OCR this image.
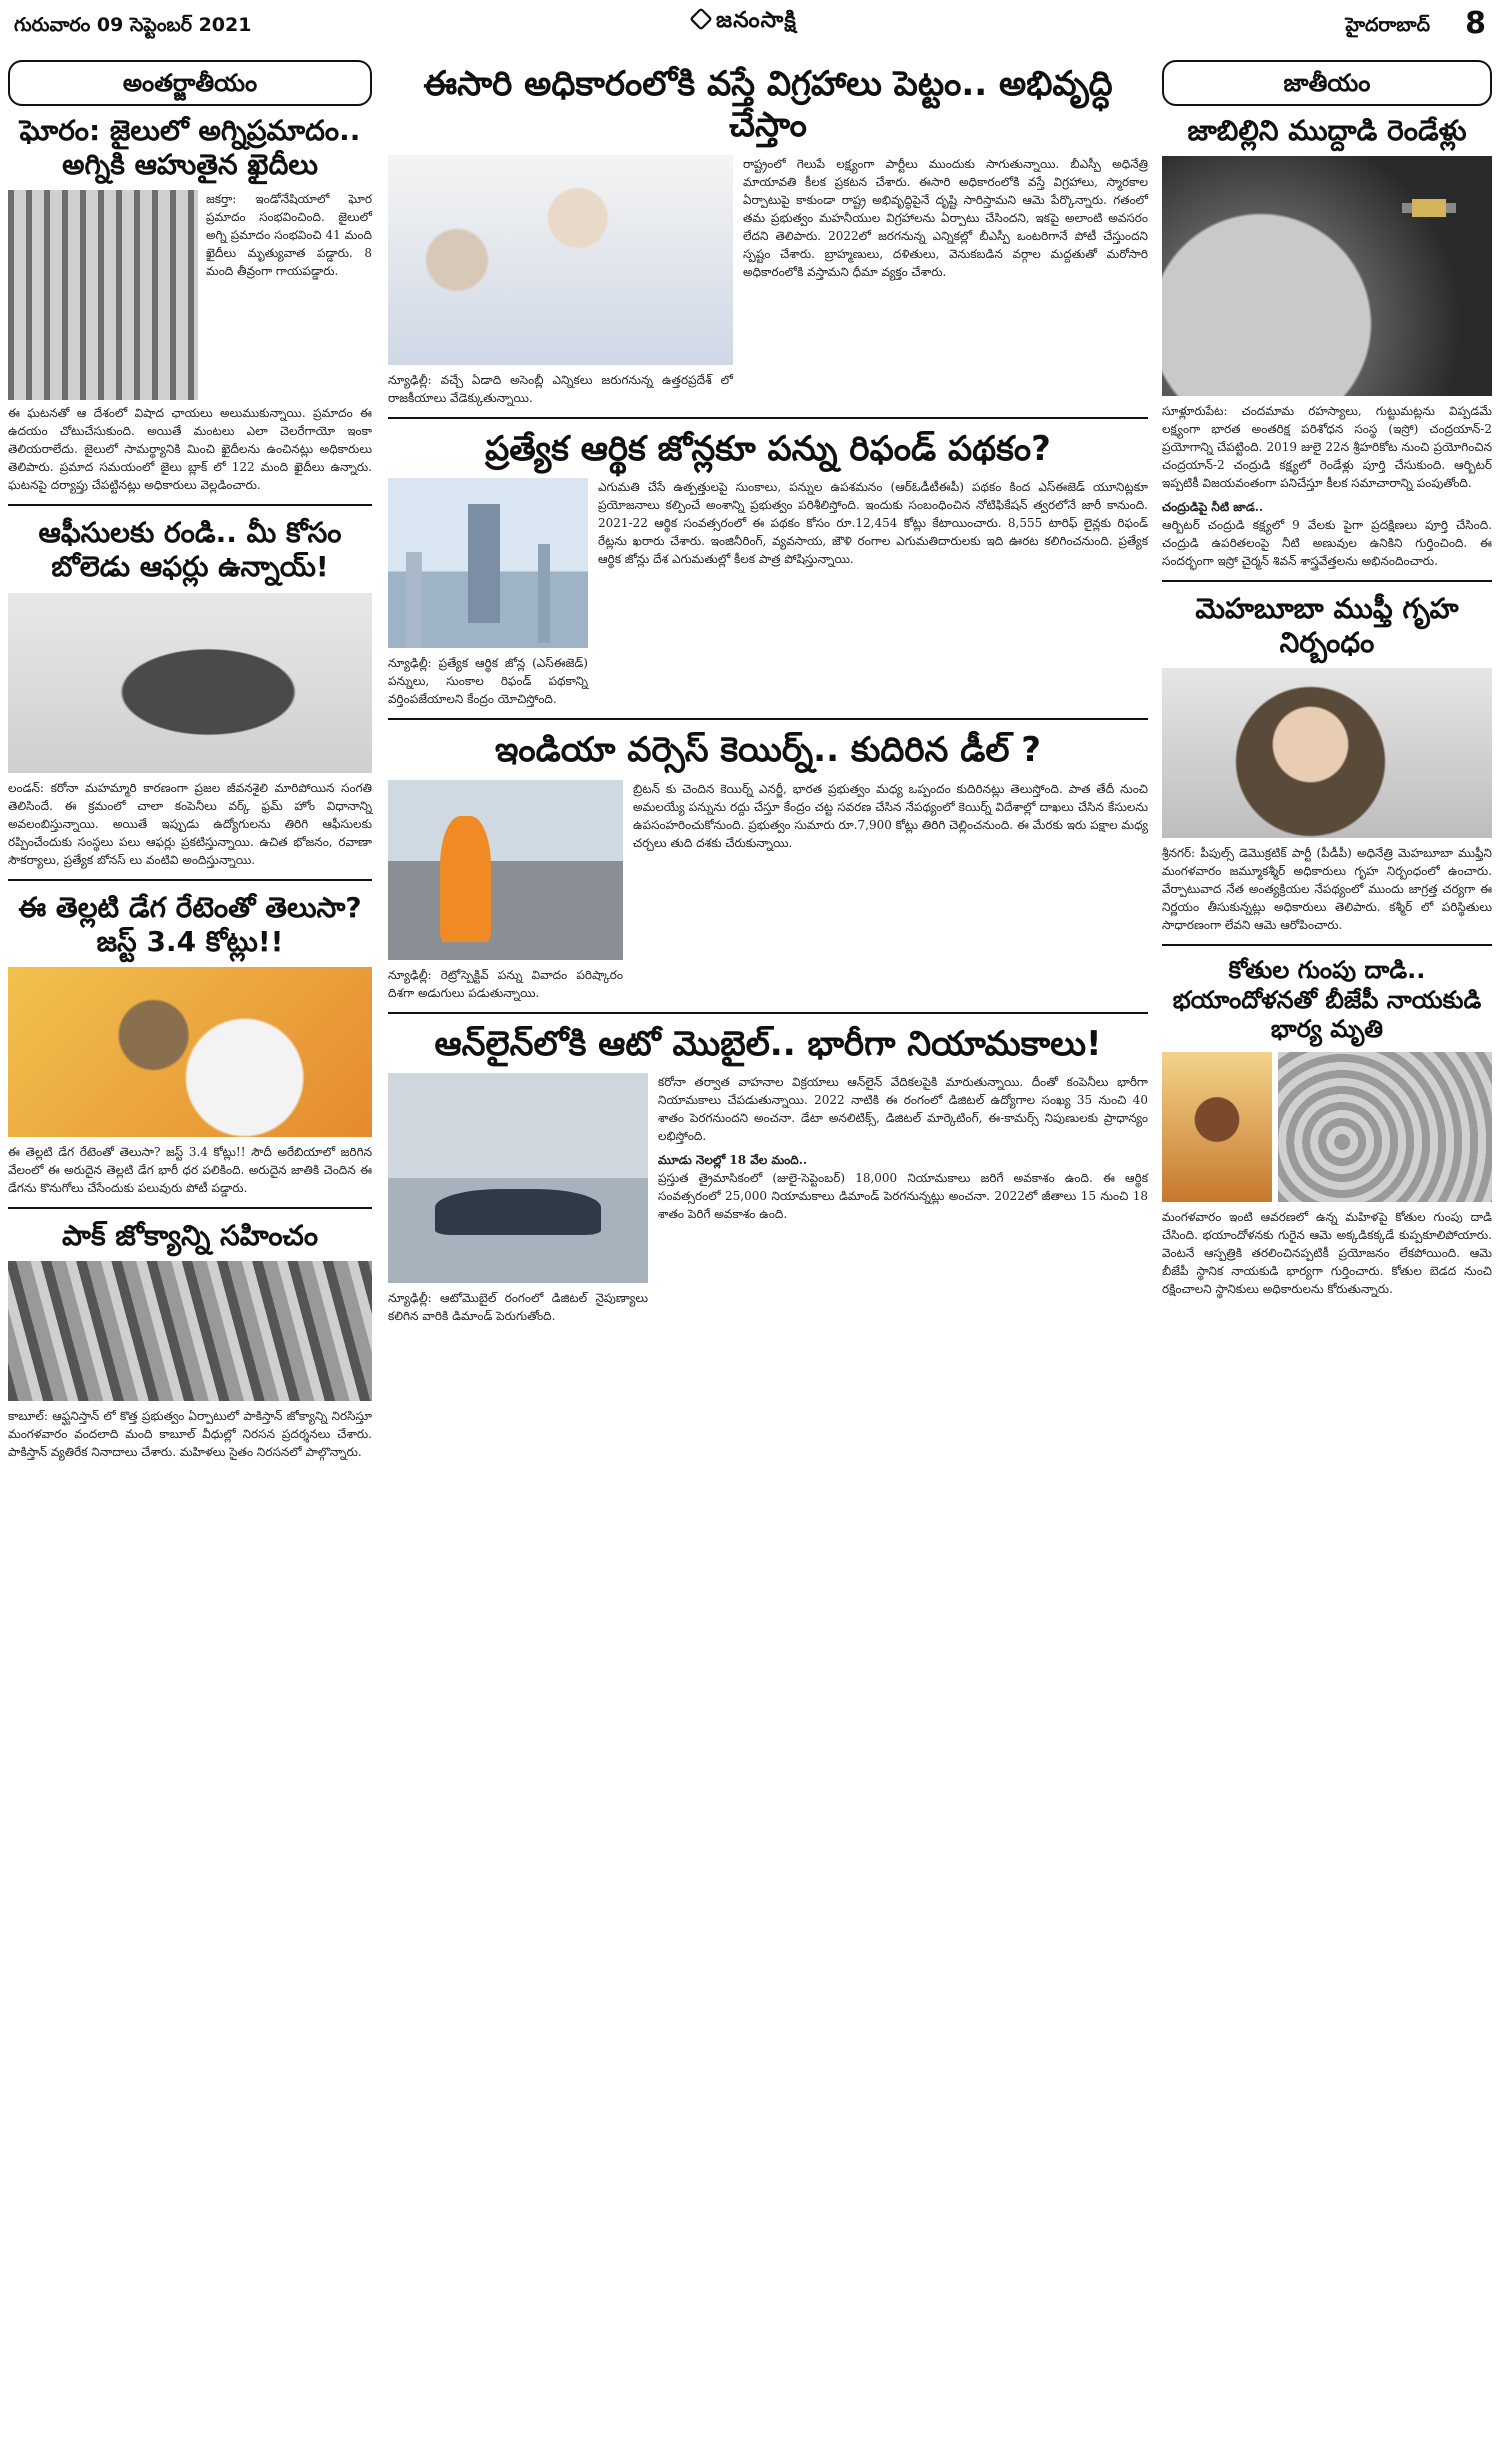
గురువారం 09 సెప్టెంబర్ 2021	జనంసాక్షి	హైదరాబాద్ 8
అంతర్జాతీయం
ఘోరం: జైలులో అగ్నిప్రమాదం.. అగ్నికి ఆహుతైన ఖైదీలు
జకర్తా: ఇండోనేషియాలో ఘోర ప్రమాదం సంభవించింది. జైలులో అగ్ని ప్రమాదం సంభవించి 41 మంది ఖైదీలు మృత్యువాత పడ్డారు. 8 మంది తీవ్రంగా గాయపడ్డారు.
ఈ ఘటనతో ఆ దేశంలో విషాద ఛాయలు అలుముకున్నాయి. ప్రమాదం ఈ ఉదయం చోటుచేసుకుంది. అయితే మంటలు ఎలా చెలరేగాయో ఇంకా తెలియరాలేదు. జైలులో సామర్థ్యానికి మించి ఖైదీలను ఉంచినట్లు అధికారులు తెలిపారు. ప్రమాద సమయంలో జైలు బ్లాక్ లో 122 మంది ఖైదీలు ఉన్నారు. ఘటనపై దర్యాప్తు చేపట్టినట్లు అధికారులు వెల్లడించారు.
ఆఫీసులకు రండి.. మీ కోసం బోలెడు ఆఫర్లు ఉన్నాయ్!
లండన్: కరోనా మహమ్మారి కారణంగా ప్రజల జీవనశైలి మారిపోయిన సంగతి తెలిసిందే. ఈ క్రమంలో చాలా కంపెనీలు వర్క్ ఫ్రమ్ హోం విధానాన్ని అవలంబిస్తున్నాయి. అయితే ఇప్పుడు ఉద్యోగులను తిరిగి ఆఫీసులకు రప్పించేందుకు సంస్థలు పలు ఆఫర్లు ప్రకటిస్తున్నాయి. ఉచిత భోజనం, రవాణా సౌకర్యాలు, ప్రత్యేక బోనస్ లు వంటివి అందిస్తున్నాయి.
ఈ తెల్లటి డేగ రేటెంతో తెలుసా? జస్ట్ 3.4 కోట్లు!!
ఈ తెల్లటి డేగ రేటెంతో తెలుసా? జస్ట్ 3.4 కోట్లు!! సౌదీ అరేబియాలో జరిగిన వేలంలో ఈ అరుదైన తెల్లటి డేగ భారీ ధర పలికింది. అరుదైన జాతికి చెందిన ఈ డేగను కొనుగోలు చేసేందుకు పలువురు పోటీ పడ్డారు.
పాక్ జోక్యాన్ని సహించం
కాబూల్: ఆఫ్ఘనిస్తాన్ లో కొత్త ప్రభుత్వం ఏర్పాటులో పాకిస్తాన్ జోక్యాన్ని నిరసిస్తూ మంగళవారం వందలాది మంది కాబూల్ వీధుల్లో నిరసన ప్రదర్శనలు చేశారు. పాకిస్తాన్ వ్యతిరేక నినాదాలు చేశారు. మహిళలు సైతం నిరసనలో పాల్గొన్నారు.
ఈసారి అధికారంలోకి వస్తే విగ్రహాలు పెట్టం.. అభివృద్ధి చేస్తాం
న్యూఢిల్లీ: వచ్చే ఏడాది అసెంబ్లీ ఎన్నికలు జరుగనున్న ఉత్తరప్రదేశ్ లో రాజకీయాలు వేడెక్కుతున్నాయి.
రాష్ట్రంలో గెలుపే లక్ష్యంగా పార్టీలు ముందుకు సాగుతున్నాయి. బీఎస్పీ అధినేత్రి మాయావతి కీలక ప్రకటన చేశారు. ఈసారి అధికారంలోకి వస్తే విగ్రహాలు, స్మారకాల ఏర్పాటుపై కాకుండా రాష్ట్ర అభివృద్ధిపైనే దృష్టి సారిస్తామని ఆమె పేర్కొన్నారు. గతంలో తమ ప్రభుత్వం మహనీయుల విగ్రహాలను ఏర్పాటు చేసిందని, ఇకపై అలాంటి అవసరం లేదని తెలిపారు. 2022లో జరగనున్న ఎన్నికల్లో బీఎస్పీ ఒంటరిగానే పోటీ చేస్తుందని స్పష్టం చేశారు. బ్రాహ్మణులు, దళితులు, వెనుకబడిన వర్గాల మద్దతుతో మరోసారి అధికారంలోకి వస్తామని ధీమా వ్యక్తం చేశారు.
ప్రత్యేక ఆర్థిక జోన్లకూ పన్ను రిఫండ్ పథకం?
న్యూఢిల్లీ: ప్రత్యేక ఆర్థిక జోన్ల (ఎస్ఈజెడ్) పన్నులు, సుంకాల రిఫండ్ పథకాన్ని వర్తింపజేయాలని కేంద్రం యోచిస్తోంది.
ఎగుమతి చేసే ఉత్పత్తులపై సుంకాలు, పన్నుల ఉపశమనం (ఆర్ఓడీటీఈపీ) పథకం కింద ఎస్ఈజెడ్ యూనిట్లకూ ప్రయోజనాలు కల్పించే అంశాన్ని ప్రభుత్వం పరిశీలిస్తోంది. ఇందుకు సంబంధించిన నోటిఫికేషన్ త్వరలోనే జారీ కానుంది. 2021-22 ఆర్థిక సంవత్సరంలో ఈ పథకం కోసం రూ.12,454 కోట్లు కేటాయించారు. 8,555 టారిఫ్ లైన్లకు రిఫండ్ రేట్లను ఖరారు చేశారు. ఇంజినీరింగ్, వ్యవసాయ, జౌళి రంగాల ఎగుమతిదారులకు ఇది ఊరట కలిగించనుంది. ప్రత్యేక ఆర్థిక జోన్లు దేశ ఎగుమతుల్లో కీలక పాత్ర పోషిస్తున్నాయి.
ఇండియా వర్సెస్ కెయిర్న్.. కుదిరిన డీల్ ?
న్యూఢిల్లీ: రెట్రోస్పెక్టివ్ పన్ను వివాదం పరిష్కారం దిశగా అడుగులు పడుతున్నాయి.
బ్రిటన్ కు చెందిన కెయిర్న్ ఎనర్జీ, భారత ప్రభుత్వం మధ్య ఒప్పందం కుదిరినట్లు తెలుస్తోంది. పాత తేదీ నుంచి అమలయ్యే పన్నును రద్దు చేస్తూ కేంద్రం చట్ట సవరణ చేసిన నేపథ్యంలో కెయిర్న్ విదేశాల్లో దాఖలు చేసిన కేసులను ఉపసంహరించుకోనుంది. ప్రభుత్వం సుమారు రూ.7,900 కోట్లు తిరిగి చెల్లించనుంది. ఈ మేరకు ఇరు పక్షాల మధ్య చర్చలు తుది దశకు చేరుకున్నాయి.
ఆన్‌లైన్‌లోకి ఆటో మొబైల్.. భారీగా నియామకాలు!
న్యూఢిల్లీ: ఆటోమొబైల్ రంగంలో డిజిటల్ నైపుణ్యాలు కలిగిన వారికి డిమాండ్ పెరుగుతోంది.
కరోనా తర్వాత వాహనాల విక్రయాలు ఆన్‌లైన్ వేదికలపైకి మారుతున్నాయి. దీంతో కంపెనీలు భారీగా నియామకాలు చేపడుతున్నాయి. 2022 నాటికి ఈ రంగంలో డిజిటల్ ఉద్యోగాల సంఖ్య 35 నుంచి 40 శాతం పెరగనుందని అంచనా. డేటా అనలిటిక్స్, డిజిటల్ మార్కెటింగ్, ఈ-కామర్స్ నిపుణులకు ప్రాధాన్యం లభిస్తోంది.
మూడు నెలల్లో 18 వేల మంది..
ప్రస్తుత త్రైమాసికంలో (జులై-సెప్టెంబర్) 18,000 నియామకాలు జరిగే అవకాశం ఉంది. ఈ ఆర్థిక సంవత్సరంలో 25,000 నియామకాలు డిమాండ్ పెరగనున్నట్లు అంచనా. 2022లో జీతాలు 15 నుంచి 18 శాతం పెరిగే అవకాశం ఉంది.
జాతీయం
జాబిల్లిని ముద్దాడి రెండేళ్లు
సూళ్లూరుపేట: చందమామ రహస్యాలు, గుట్టుమట్లను విప్పడమే లక్ష్యంగా భారత అంతరిక్ష పరిశోధన సంస్థ (ఇస్రో) చంద్రయాన్-2 ప్రయోగాన్ని చేపట్టింది. 2019 జులై 22న శ్రీహరికోట నుంచి ప్రయోగించిన చంద్రయాన్-2 చంద్రుడి కక్ష్యలో రెండేళ్లు పూర్తి చేసుకుంది. ఆర్బిటర్ ఇప్పటికీ విజయవంతంగా పనిచేస్తూ కీలక సమాచారాన్ని పంపుతోంది.
చంద్రుడిపై నీటి జాడ..
ఆర్బిటర్ చంద్రుడి కక్ష్యలో 9 వేలకు పైగా ప్రదక్షిణలు పూర్తి చేసింది. చంద్రుడి ఉపరితలంపై నీటి అణువుల ఉనికిని గుర్తించింది. ఈ సందర్భంగా ఇస్రో చైర్మన్ శివన్ శాస్త్రవేత్తలను అభినందించారు.
మెహబూబా ముఫ్తీ గృహ నిర్బంధం
శ్రీనగర్: పీపుల్స్ డెమొక్రటిక్ పార్టీ (పీడీపీ) అధినేత్రి మెహబూబా ముఫ్తీని మంగళవారం జమ్మూకశ్మీర్ అధికారులు గృహ నిర్బంధంలో ఉంచారు. వేర్పాటువాద నేత అంత్యక్రియల నేపథ్యంలో ముందు జాగ్రత్త చర్యగా ఈ నిర్ణయం తీసుకున్నట్లు అధికారులు తెలిపారు. కశ్మీర్ లో పరిస్థితులు సాధారణంగా లేవని ఆమె ఆరోపించారు.
కోతుల గుంపు దాడి.. భయాందోళనతో బీజేపీ నాయకుడి భార్య మృతి
మంగళవారం ఇంటి ఆవరణలో ఉన్న మహిళపై కోతుల గుంపు దాడి చేసింది. భయాందోళనకు గురైన ఆమె అక్కడికక్కడే కుప్పకూలిపోయారు. వెంటనే ఆస్పత్రికి తరలించినప్పటికీ ప్రయోజనం లేకపోయింది. ఆమె బీజేపీ స్థానిక నాయకుడి భార్యగా గుర్తించారు. కోతుల బెడద నుంచి రక్షించాలని స్థానికులు అధికారులను కోరుతున్నారు.
